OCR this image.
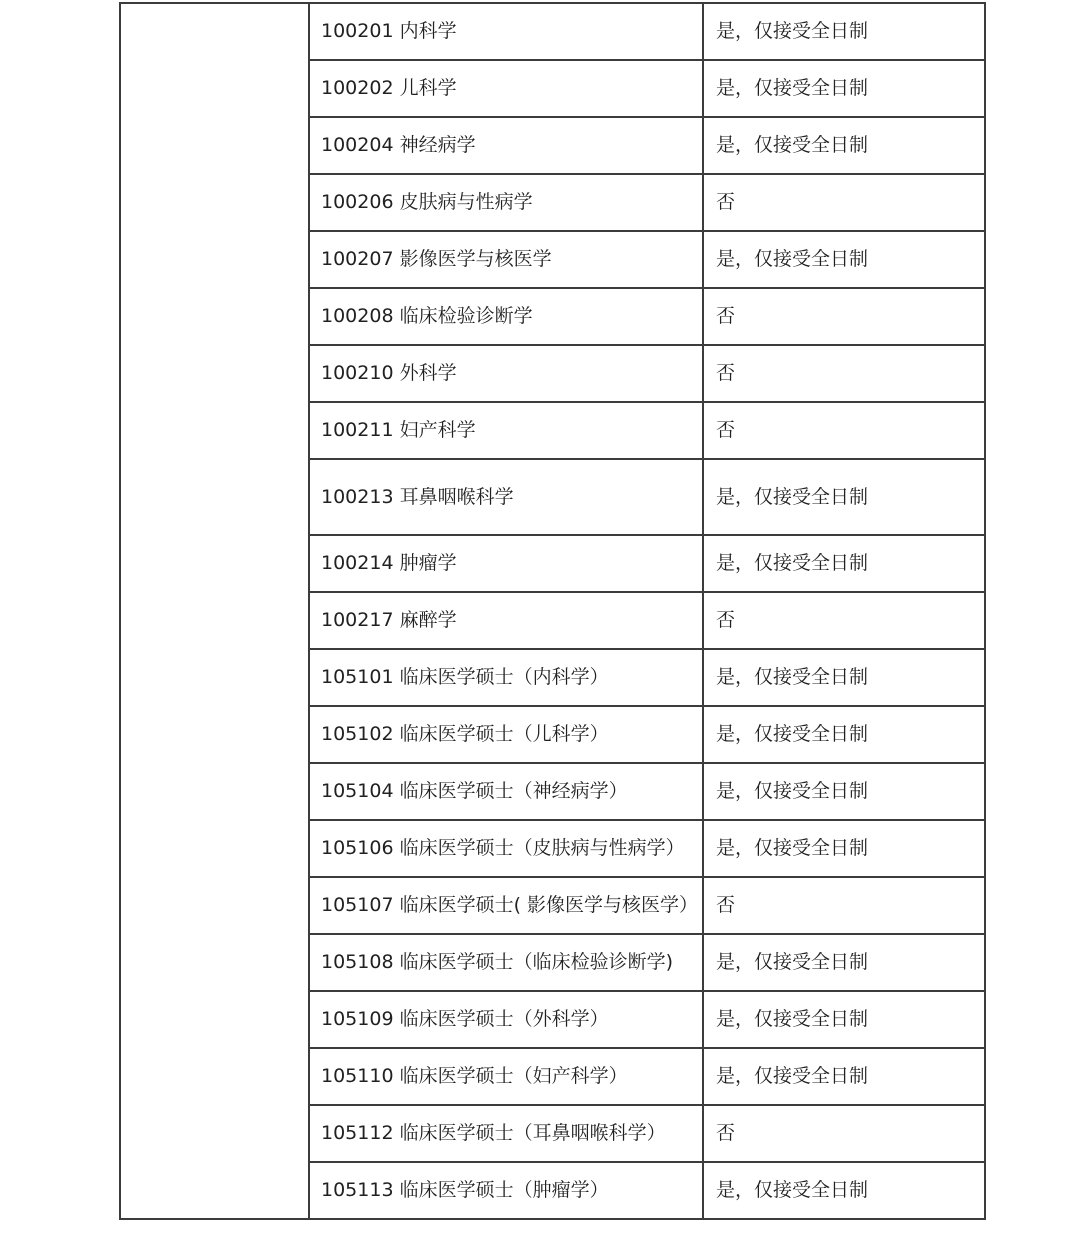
	100201 内科学	是，仅接受全日制
	100202 儿科学	是，仅接受全日制
	100204 神经病学	是，仅接受全日制
	100206 皮肤病与性病学	否
	100207 影像医学与核医学	是，仅接受全日制
	100208 临床检验诊断学	否
	100210 外科学	否
	100211 妇产科学	否
	100213 耳鼻咽喉科学	是，仅接受全日制
	100214 肿瘤学	是，仅接受全日制
	100217 麻醉学	否
	105101 临床医学硕士（内科学）	是，仅接受全日制
	105102 临床医学硕士（儿科学）	是，仅接受全日制
	105104 临床医学硕士（神经病学）	是，仅接受全日制
	105106 临床医学硕士（皮肤病与性病学）	是，仅接受全日制
	105107 临床医学硕士( 影像医学与核医学）	否
	105108 临床医学硕士（临床检验诊断学)	是，仅接受全日制
	105109 临床医学硕士（外科学）	是，仅接受全日制
	105110 临床医学硕士（妇产科学）	是，仅接受全日制
	105112 临床医学硕士（耳鼻咽喉科学）	否
	105113 临床医学硕士（肿瘤学）	是，仅接受全日制
